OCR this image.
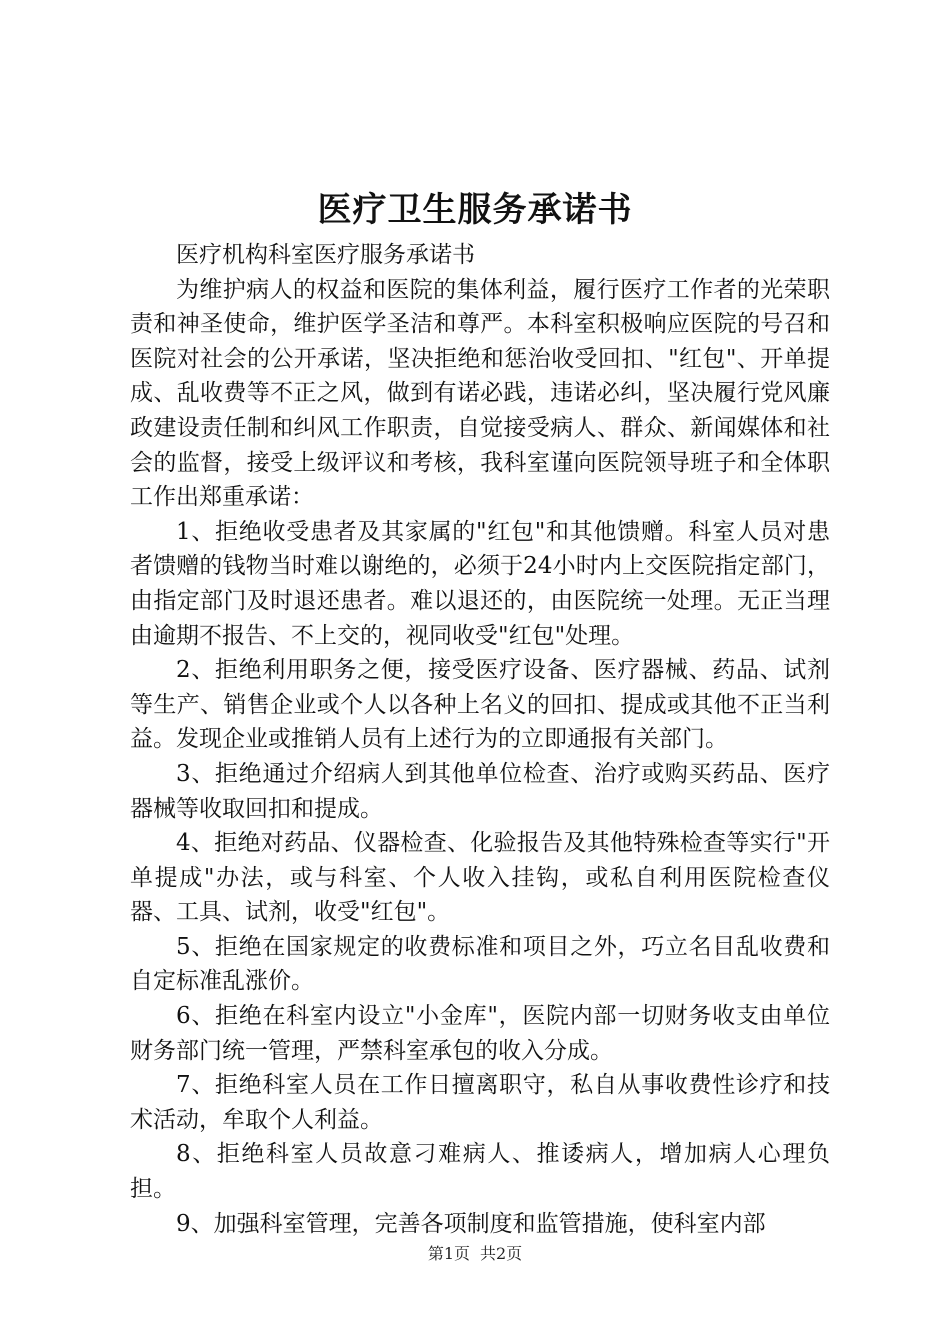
医疗卫生服务承诺书

医疗机构科室医疗服务承诺书

为维护病人的权益和医院的集体利益，履行医疗工作者的光荣职责和神圣使命，维护医学圣洁和尊严。本科室积极响应医院的号召和医院对社会的公开承诺，坚决拒绝和惩治收受回扣、"红包"、开单提成、乱收费等不正之风，做到有诺必践，违诺必纠，坚决履行党风廉政建设责任制和纠风工作职责，自觉接受病人、群众、新闻媒体和社会的监督，接受上级评议和考核，我科室谨向医院领导班子和全体职工作出郑重承诺：

1、拒绝收受患者及其家属的"红包"和其他馈赠。科室人员对患者馈赠的钱物当时难以谢绝的，必须于24小时内上交医院指定部门，由指定部门及时退还患者。难以退还的，由医院统一处理。无正当理由逾期不报告、不上交的，视同收受"红包"处理。

2、拒绝利用职务之便，接受医疗设备、医疗器械、药品、试剂等生产、销售企业或个人以各种上名义的回扣、提成或其他不正当利益。发现企业或推销人员有上述行为的立即通报有关部门。

3、拒绝通过介绍病人到其他单位检查、治疗或购买药品、医疗器械等收取回扣和提成。

4、拒绝对药品、仪器检查、化验报告及其他特殊检查等实行"开单提成"办法，或与科室、个人收入挂钩，或私自利用医院检查仪器、工具、试剂，收受"红包"。

5、拒绝在国家规定的收费标准和项目之外，巧立名目乱收费和自定标准乱涨价。

6、拒绝在科室内设立"小金库"，医院内部一切财务收支由单位财务部门统一管理，严禁科室承包的收入分成。

7、拒绝科室人员在工作日擅离职守，私自从事收费性诊疗和技术活动，牟取个人利益。

8、拒绝科室人员故意刁难病人、推诿病人，增加病人心理负担。

9、加强科室管理，完善各项制度和监管措施，使科室内部

第1页 共2页
